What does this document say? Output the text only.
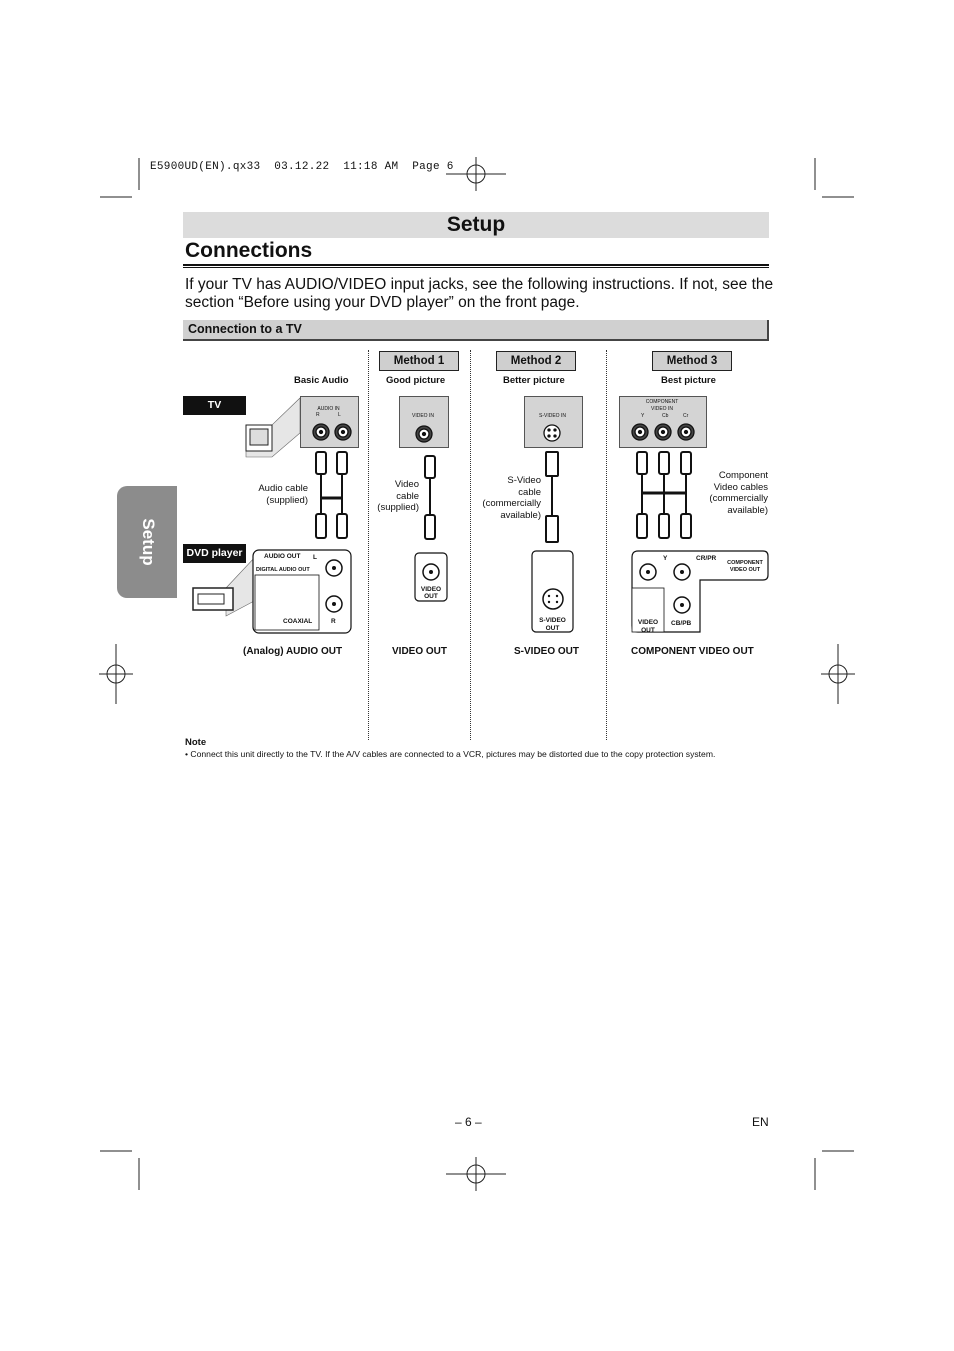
E5900UD(EN).qx33  03.12.22  11:18 AM  Page 6
Setup
Connections
If your TV has AUDIO/VIDEO input jacks, see the following instructions. If not, see the section “Before using your DVD player” on the front page.
Connection to a TV
Setup
Method 1	Method 2	Method 3
Basic Audio	Good picture	Better picture	Best picture
TV
DVD player
AUDIO IN
R	L	VIDEO IN	S-VIDEO IN
COMPONENT
VIDEO IN
Y	Cb	Cr
Audio cable
(supplied)
Video
cable
(supplied)
S-Video
cable
(commercially
available)
Component
Video cables
(commercially
available)
AUDIO OUT L
DIGITAL AUDIO OUT
COAXIAL	R
VIDEO
OUT
S-VIDEO
OUT
Y	CR/PR
COMPONENT
VIDEO OUT
VIDEO
OUT
CB/PB
(Analog) AUDIO OUT	VIDEO OUT	S-VIDEO OUT	COMPONENT VIDEO OUT
Note
• Connect this unit directly to the TV. If the A/V cables are connected to a VCR, pictures may be distorted due to the copy protection system.
– 6 –	EN
